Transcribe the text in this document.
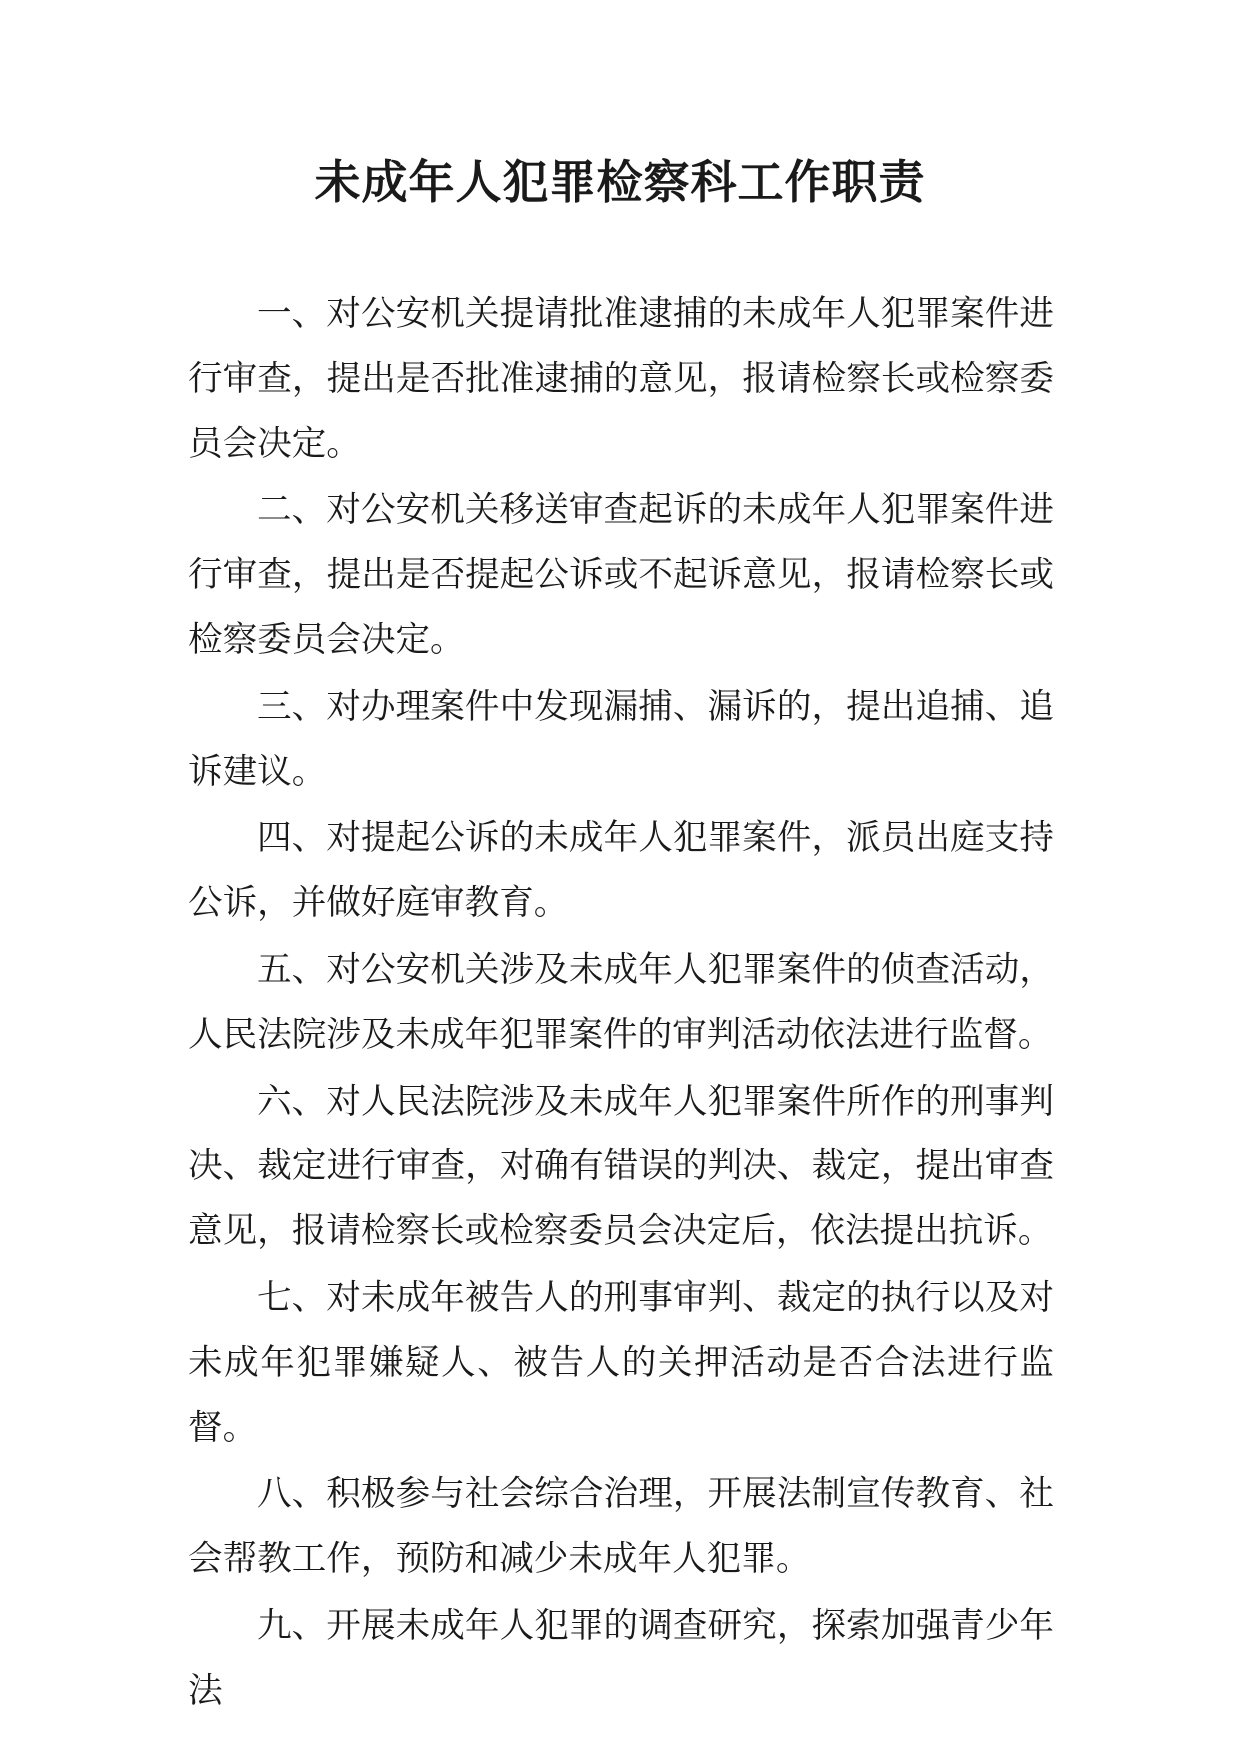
未成年人犯罪检察科工作职责

一、对公安机关提请批准逮捕的未成年人犯罪案件进行审查，提出是否批准逮捕的意见，报请检察长或检察委员会决定。

二、对公安机关移送审查起诉的未成年人犯罪案件进行审查，提出是否提起公诉或不起诉意见，报请检察长或检察委员会决定。

三、对办理案件中发现漏捕、漏诉的，提出追捕、追诉建议。

四、对提起公诉的未成年人犯罪案件，派员出庭支持公诉，并做好庭审教育。

五、对公安机关涉及未成年人犯罪案件的侦查活动，人民法院涉及未成年犯罪案件的审判活动依法进行监督。

六、对人民法院涉及未成年人犯罪案件所作的刑事判决、裁定进行审查，对确有错误的判决、裁定，提出审查意见，报请检察长或检察委员会决定后，依法提出抗诉。

七、对未成年被告人的刑事审判、裁定的执行以及对未成年犯罪嫌疑人、被告人的关押活动是否合法进行监督。

八、积极参与社会综合治理，开展法制宣传教育、社会帮教工作，预防和减少未成年人犯罪。

九、开展未成年人犯罪的调查研究，探索加强青少年法
